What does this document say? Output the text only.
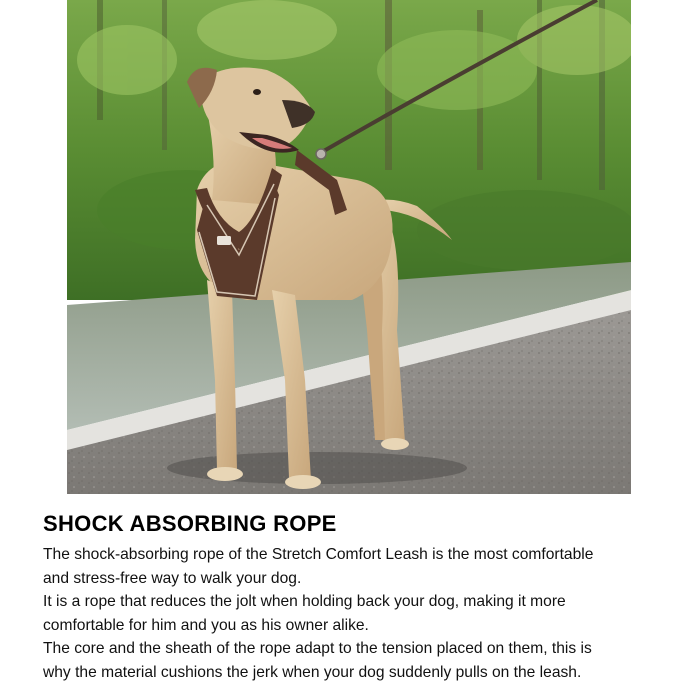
SHOCK ABSORBING ROPE

The shock-absorbing rope of the Stretch Comfort Leash is the most comfortable

and stress-free way to walk your dog.

It is a rope that reduces the jolt when holding back your dog, making it more

comfortable for him and you as his owner alike.

The core and the sheath of the rope adapt to the tension placed on them, this is

why the material cushions the jerk when your dog suddenly pulls on the leash.
